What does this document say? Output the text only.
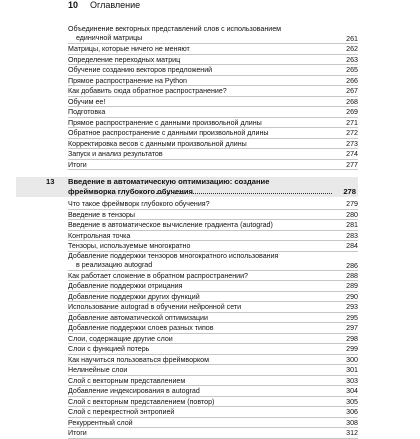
10	Оглавление
Объединение векторных представлений слов с использованием
единичной матрицы	261
Матрицы, которые ничего не меняют	262
Определение переходных матриц	263
Обучение созданию векторов предложений	265
Прямое распространение на Python	266
Как добавить сюда обратное распространение?	267
Обучим ее!	268
Подготовка	269
Прямое распространение с данными произвольной длины	271
Обратное распространение с данными произвольной длины	272
Корректировка весов с данными произвольной длины	273
Запуск и анализ результатов	274
Итоги	277
13 Введение в автоматическую оптимизацию: создание фреймворка глубокого обучения	278
Что такое фреймворк глубокого обучения?	279
Введение в тензоры	280
Введение в автоматическое вычисление градиента (autograd)	281
Контрольная точка	283
Тензоры, используемые многократно	284
Добавление поддержки тензоров многократного использования
в реализацию autograd	286
Как работает сложение в обратном распространении?	288
Добавление поддержки отрицания	289
Добавление поддержки других функций	290
Использование autograd в обучении нейронной сети	293
Добавление автоматической оптимизации	295
Добавление поддержки слоев разных типов	297
Слои, содержащие другие слои	298
Слои с функцией потерь	299
Как научиться пользоваться фреймворком	300
Нелинейные слои	301
Слой с векторным представлением	303
Добавление индексирования в autograd	304
Слой с векторным представлением (повтор)	305
Слой с перекрестной энтропией	306
Рекуррентный слой	308
Итоги	312
